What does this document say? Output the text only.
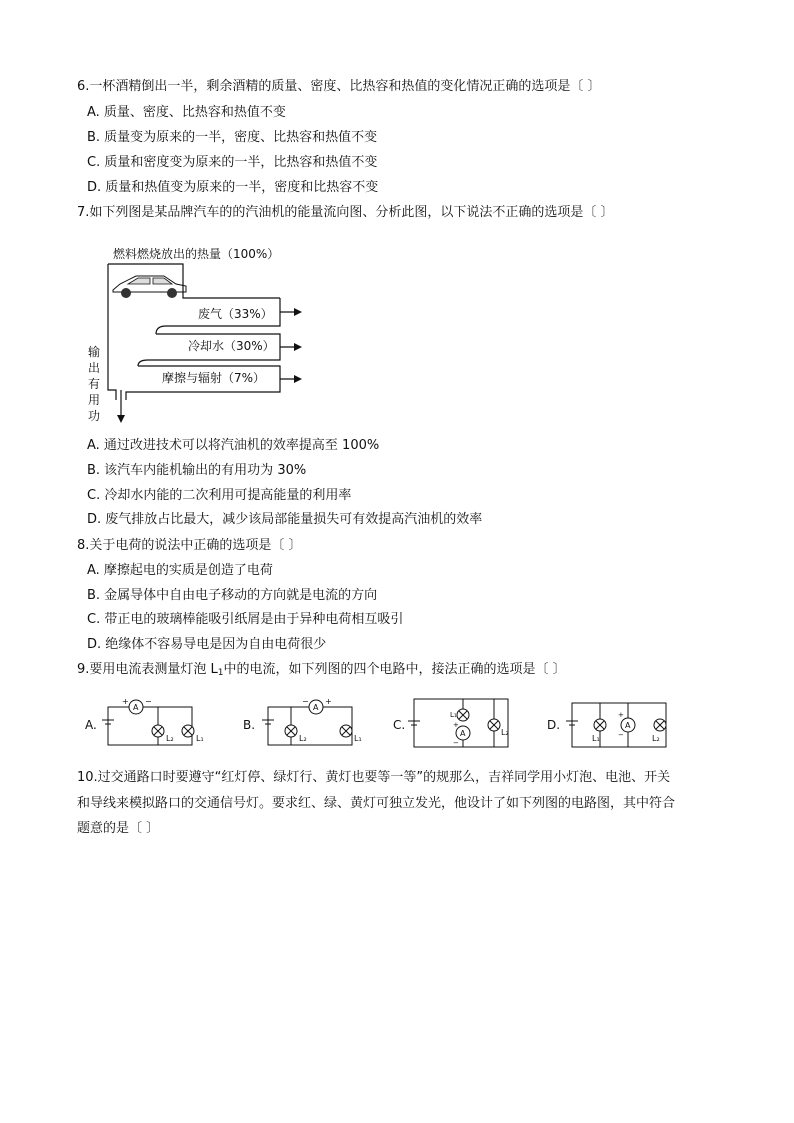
6.一杯酒精倒出一半，剩余酒精的质量、密度、比热容和热值的变化情况正确的选项是〔 〕
A. 质量、密度、比热容和热值不变
B. 质量变为原来的一半，密度、比热容和热值不变
C. 质量和密度变为原来的一半，比热容和热值不变
D. 质量和热值变为原来的一半，密度和比热容不变
7.如下列图是某品牌汽车的的汽油机的能量流向图、分析此图，以下说法不正确的选项是〔 〕
燃料燃烧放出的热量（100%）
废气（33%）
冷却水（30%）
摩擦与辐射（7%）
输
出
有
用
功
A. 通过改进技术可以将汽油机的效率提高至 100%
B. 该汽车内能机输出的有用功为 30%
C. 冷却水内能的二次利用可提高能量的利用率
D. 废气排放占比最大，减少该局部能量损失可有效提高汽油机的效率
8.关于电荷的说法中正确的选项是〔 〕
A. 摩擦起电的实质是创造了电荷
B. 金属导体中自由电子移动的方向就是电流的方向
C. 带正电的玻璃棒能吸引纸屑是由于异种电荷相互吸引
D. 绝缘体不容易导电是因为自由电荷很少
9.要用电流表测量灯泡 $L_1$中的电流，如下列图的四个电路中，接法正确的选项是〔 〕
A.	B.	C.	D.
A	A
A
A
+ −	− +
+
−
+
−
L₂	L₁	L₂	L₁
L₁
L₂
L₁	L₂
10.过交通路口时要遵守“红灯停、绿灯行、黄灯也要等一等”的规那么，吉祥同学用小灯泡、电池、开关
和导线来模拟路口的交通信号灯。要求红、绿、黄灯可独立发光，他设计了如下列图的电路图，其中符合
题意的是〔 〕
